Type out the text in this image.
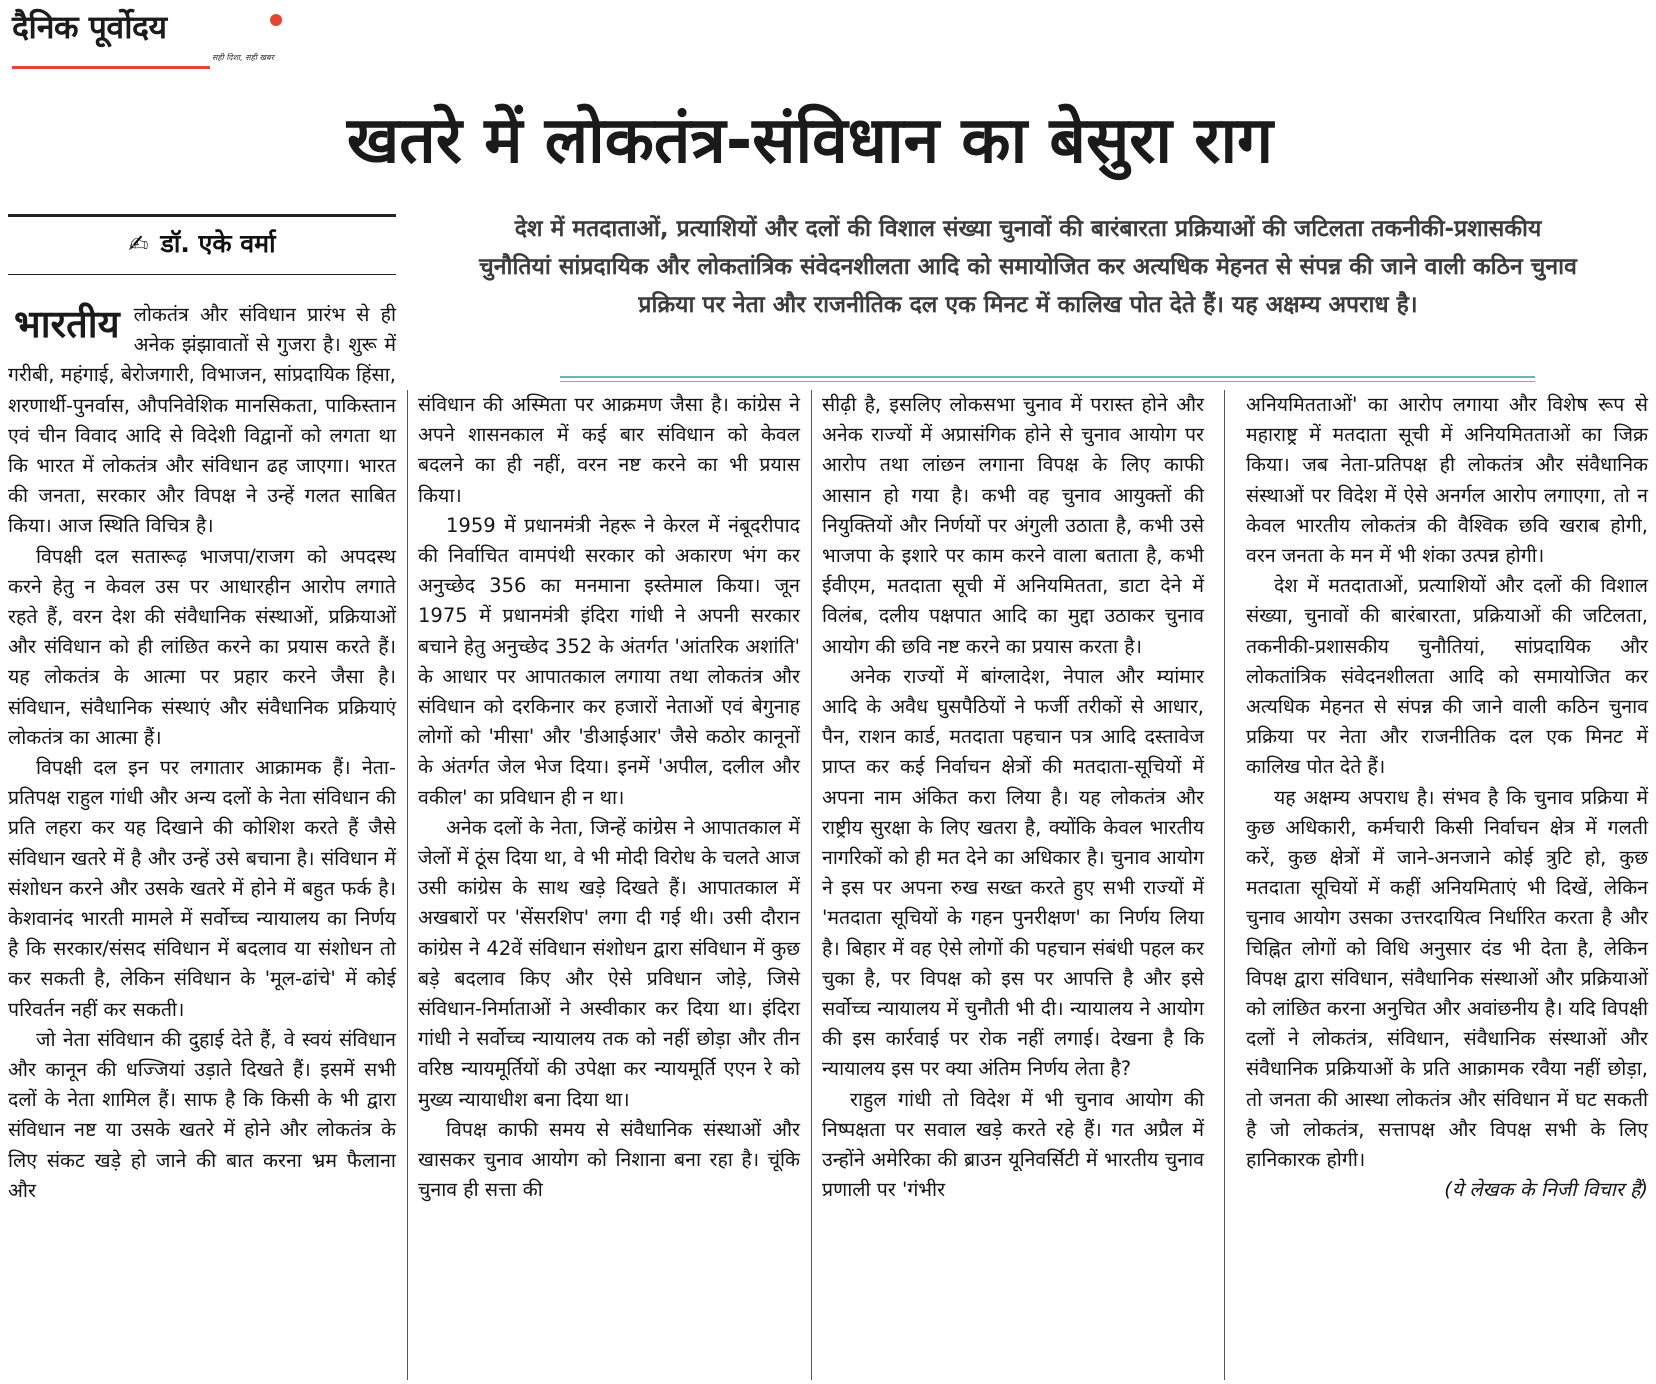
दैनिक पूर्वोदय
सही दिशा, सही खबर
खतरे में लोकतंत्र-संविधान का बेसुरा राग
✍ डॉ. एके वर्मा	देश में मतदाताओं, प्रत्याशियों और दलों की विशाल संख्या चुनावों की बारंबारता प्रक्रियाओं की जटिलता तकनीकी-प्रशासकीय चुनौतियां सांप्रदायिक और लोकतांत्रिक संवेदनशीलता आदि को समायोजित कर अत्यधिक मेहनत से संपन्न की जाने वाली कठिन चुनाव प्रक्रिया पर नेता और राजनीतिक दल एक मिनट में कालिख पोत देते हैं। यह अक्षम्य अपराध है।

भारतीय लोकतंत्र और संविधान प्रारंभ से ही अनेक झंझावातों से गुजरा है। शुरू में गरीबी, महंगाई, बेरोजगारी, विभाजन, सांप्रदायिक हिंसा, शरणार्थी-पुनर्वास, औपनिवेशिक मानसिकता, पाकिस्तान एवं चीन विवाद आदि से विदेशी विद्वानों को लगता था कि भारत में लोकतंत्र और संविधान ढह जाएगा। भारत की जनता, सरकार और विपक्ष ने उन्हें गलत साबित किया। आज स्थिति विचित्र है।

विपक्षी दल सतारूढ़ भाजपा/राजग को अपदस्थ करने हेतु न केवल उस पर आधारहीन आरोप लगाते रहते हैं, वरन देश की संवैधानिक संस्थाओं, प्रक्रियाओं और संविधान को ही लांछित करने का प्रयास करते हैं। यह लोकतंत्र के आत्मा पर प्रहार करने जैसा है। संविधान, संवैधानिक संस्थाएं और संवैधानिक प्रक्रियाएं लोकतंत्र का आत्मा हैं।

विपक्षी दल इन पर लगातार आक्रामक हैं। नेता-प्रतिपक्ष राहुल गांधी और अन्य दलों के नेता संविधान की प्रति लहरा कर यह दिखाने की कोशिश करते हैं जैसे संविधान खतरे में है और उन्हें उसे बचाना है। संविधान में संशोधन करने और उसके खतरे में होने में बहुत फर्क है। केशवानंद भारती मामले में सर्वोच्च न्यायालय का निर्णय है कि सरकार/संसद संविधान में बदलाव या संशोधन तो कर सकती है, लेकिन संविधान के 'मूल-ढांचे' में कोई परिवर्तन नहीं कर सकती।

जो नेता संविधान की दुहाई देते हैं, वे स्वयं संविधान और कानून की धज्जियां उड़ाते दिखते हैं। इसमें सभी दलों के नेता शामिल हैं। साफ है कि किसी के भी द्वारा संविधान नष्ट या उसके खतरे में होने और लोकतंत्र के लिए संकट खड़े हो जाने की बात करना भ्रम फैलाना और

संविधान की अस्मिता पर आक्रमण जैसा है। कांग्रेस ने अपने शासनकाल में कई बार संविधान को केवल बदलने का ही नहीं, वरन नष्ट करने का भी प्रयास किया।

1959 में प्रधानमंत्री नेहरू ने केरल में नंबूदरीपाद की निर्वाचित वामपंथी सरकार को अकारण भंग कर अनुच्छेद 356 का मनमाना इस्तेमाल किया। जून 1975 में प्रधानमंत्री इंदिरा गांधी ने अपनी सरकार बचाने हेतु अनुच्छेद 352 के अंतर्गत 'आंतरिक अशांति' के आधार पर आपातकाल लगाया तथा लोकतंत्र और संविधान को दरकिनार कर हजारों नेताओं एवं बेगुनाह लोगों को 'मीसा' और 'डीआईआर' जैसे कठोर कानूनों के अंतर्गत जेल भेज दिया। इनमें 'अपील, दलील और वकील' का प्रविधान ही न था।

अनेक दलों के नेता, जिन्हें कांग्रेस ने आपातकाल में जेलों में ठूंस दिया था, वे भी मोदी विरोध के चलते आज उसी कांग्रेस के साथ खड़े दिखते हैं। आपातकाल में अखबारों पर 'सेंसरशिप' लगा दी गई थी। उसी दौरान कांग्रेस ने 42वें संविधान संशोधन द्वारा संविधान में कुछ बड़े बदलाव किए और ऐसे प्रविधान जोड़े, जिसे संविधान-निर्माताओं ने अस्वीकार कर दिया था। इंदिरा गांधी ने सर्वोच्च न्यायालय तक को नहीं छोड़ा और तीन वरिष्ठ न्यायमूर्तियों की उपेक्षा कर न्यायमूर्ति एएन रे को मुख्य न्यायाधीश बना दिया था।

विपक्ष काफी समय से संवैधानिक संस्थाओं और खासकर चुनाव आयोग को निशाना बना रहा है। चूंकि चुनाव ही सत्ता की

सीढ़ी है, इसलिए लोकसभा चुनाव में परास्त होने और अनेक राज्यों में अप्रासंगिक होने से चुनाव आयोग पर आरोप तथा लांछन लगाना विपक्ष के लिए काफी आसान हो गया है। कभी वह चुनाव आयुक्तों की नियुक्तियों और निर्णयों पर अंगुली उठाता है, कभी उसे भाजपा के इशारे पर काम करने वाला बताता है, कभी ईवीएम, मतदाता सूची में अनियमितता, डाटा देने में विलंब, दलीय पक्षपात आदि का मुद्दा उठाकर चुनाव आयोग की छवि नष्ट करने का प्रयास करता है।

अनेक राज्यों में बांग्लादेश, नेपाल और म्यांमार आदि के अवैध घुसपैठियों ने फर्जी तरीकों से आधार, पैन, राशन कार्ड, मतदाता पहचान पत्र आदि दस्तावेज प्राप्त कर कई निर्वाचन क्षेत्रों की मतदाता-सूचियों में अपना नाम अंकित करा लिया है। यह लोकतंत्र और राष्ट्रीय सुरक्षा के लिए खतरा है, क्योंकि केवल भारतीय नागरिकों को ही मत देने का अधिकार है। चुनाव आयोग ने इस पर अपना रुख सख्त करते हुए सभी राज्यों में 'मतदाता सूचियों के गहन पुनरीक्षण' का निर्णय लिया है। बिहार में वह ऐसे लोगों की पहचान संबंधी पहल कर चुका है, पर विपक्ष को इस पर आपत्ति है और इसे सर्वोच्च न्यायालय में चुनौती भी दी। न्यायालय ने आयोग की इस कार्रवाई पर रोक नहीं लगाई। देखना है कि न्यायालय इस पर क्या अंतिम निर्णय लेता है?

राहुल गांधी तो विदेश में भी चुनाव आयोग की निष्पक्षता पर सवाल खड़े करते रहे हैं। गत अप्रैल में उन्होंने अमेरिका की ब्राउन यूनिवर्सिटी में भारतीय चुनाव प्रणाली पर 'गंभीर

अनियमितताओं' का आरोप लगाया और विशेष रूप से महाराष्ट्र में मतदाता सूची में अनियमितताओं का जिक्र किया। जब नेता-प्रतिपक्ष ही लोकतंत्र और संवैधानिक संस्थाओं पर विदेश में ऐसे अनर्गल आरोप लगाएगा, तो न केवल भारतीय लोकतंत्र की वैश्विक छवि खराब होगी, वरन जनता के मन में भी शंका उत्पन्न होगी।

देश में मतदाताओं, प्रत्याशियों और दलों की विशाल संख्या, चुनावों की बारंबारता, प्रक्रियाओं की जटिलता, तकनीकी-प्रशासकीय चुनौतियां, सांप्रदायिक और लोकतांत्रिक संवेदनशीलता आदि को समायोजित कर अत्यधिक मेहनत से संपन्न की जाने वाली कठिन चुनाव प्रक्रिया पर नेता और राजनीतिक दल एक मिनट में कालिख पोत देते हैं।

यह अक्षम्य अपराध है। संभव है कि चुनाव प्रक्रिया में कुछ अधिकारी, कर्मचारी किसी निर्वाचन क्षेत्र में गलती करें, कुछ क्षेत्रों में जाने-अनजाने कोई त्रुटि हो, कुछ मतदाता सूचियों में कहीं अनियमिताएं भी दिखें, लेकिन चुनाव आयोग उसका उत्तरदायित्व निर्धारित करता है और चिह्नित लोगों को विधि अनुसार दंड भी देता है, लेकिन विपक्ष द्वारा संविधान, संवैधानिक संस्थाओं और प्रक्रियाओं को लांछित करना अनुचित और अवांछनीय है। यदि विपक्षी दलों ने लोकतंत्र, संविधान, संवैधानिक संस्थाओं और संवैधानिक प्रक्रियाओं के प्रति आक्रामक रवैया नहीं छोड़ा, तो जनता की आस्था लोकतंत्र और संविधान में घट सकती है जो लोकतंत्र, सत्तापक्ष और विपक्ष सभी के लिए हानिकारक होगी।

(ये लेखक के निजी विचार हैं)
